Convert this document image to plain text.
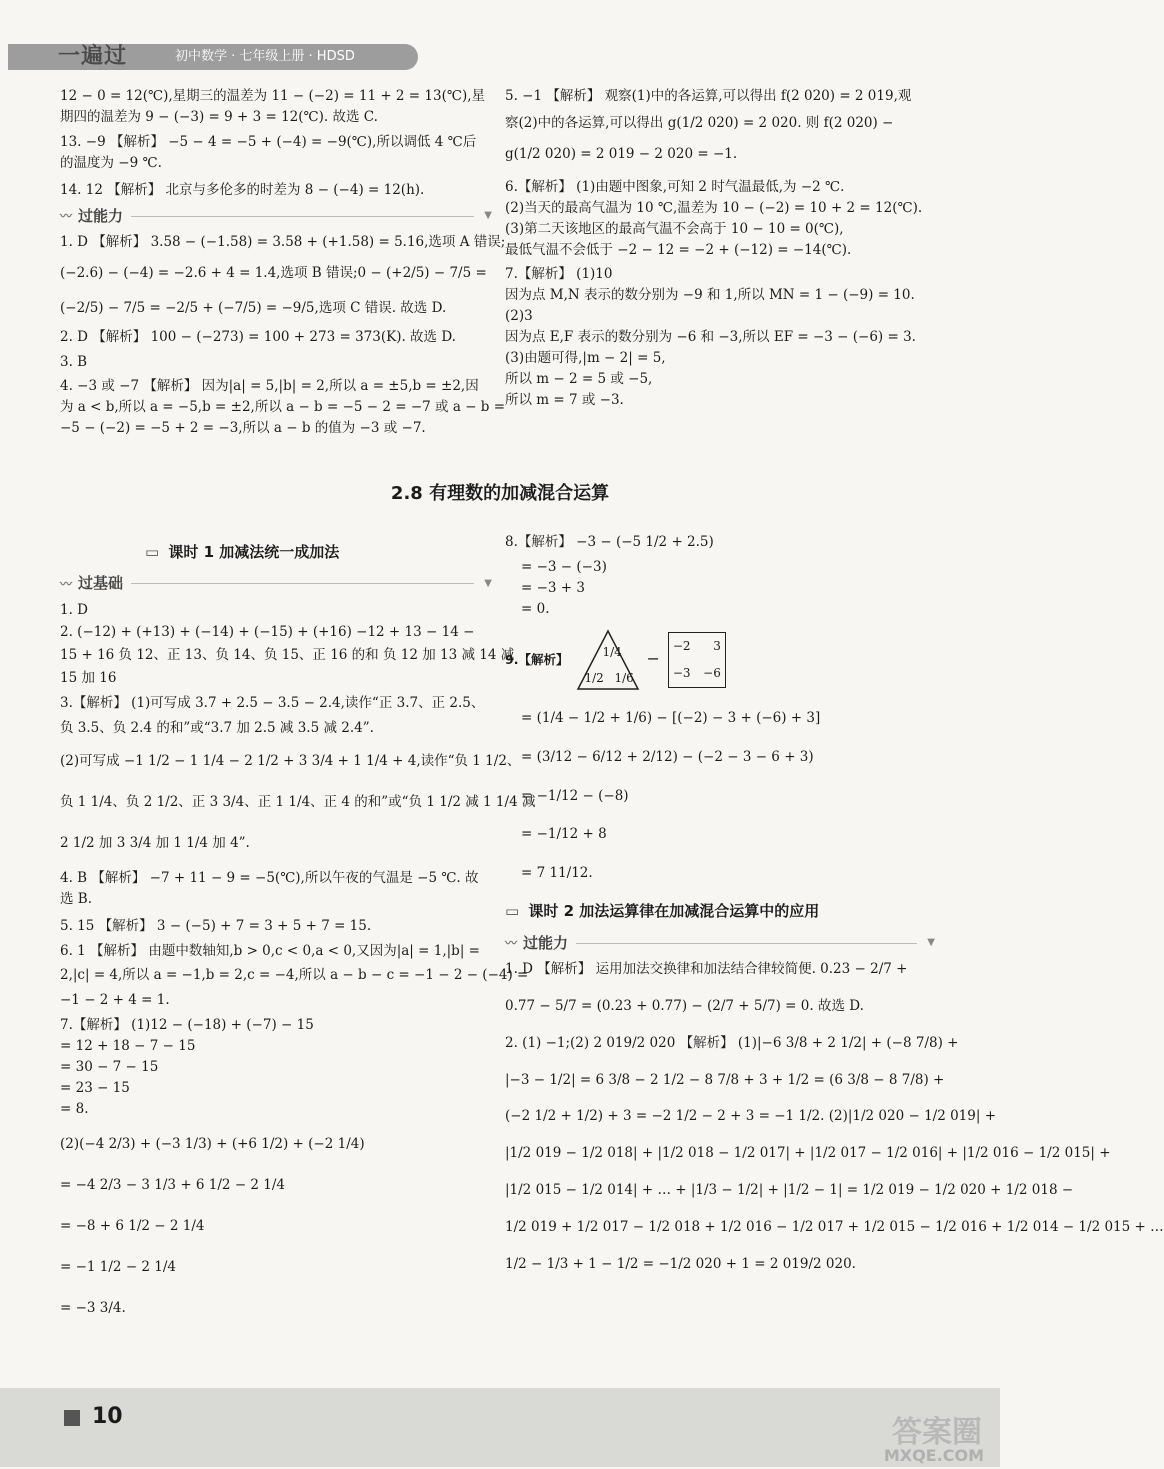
一遍过	初中数学 · 七年级上册 · HDSD
12 − 0 = 12(℃),星期三的温差为 11 − (−2) = 11 + 2 = 13(℃),星
期四的温差为 9 − (−3) = 9 + 3 = 12(℃). 故选 C.
13. −9 【解析】 −5 − 4 = −5 + (−4) = −9(℃),所以调低 4 ℃后
的温度为 −9 ℃.
14. 12 【解析】 北京与多伦多的时差为 8 − (−4) = 12(h).
〰 过能力	▼
1. D 【解析】 3.58 − (−1.58) = 3.58 + (+1.58) = 5.16,选项 A 错误;
(−2.6) − (−4) = −2.6 + 4 = 1.4,选项 B 错误;0 − (+2/5) − 7/5 =
(−2/5) − 7/5 = −2/5 + (−7/5) = −9/5,选项 C 错误. 故选 D.
2. D 【解析】 100 − (−273) = 100 + 273 = 373(K). 故选 D.
3. B
4. −3 或 −7 【解析】 因为|a| = 5,|b| = 2,所以 a = ±5,b = ±2,因
为 a < b,所以 a = −5,b = ±2,所以 a − b = −5 − 2 = −7 或 a − b =
−5 − (−2) = −5 + 2 = −3,所以 a − b 的值为 −3 或 −7.
5. −1 【解析】 观察(1)中的各运算,可以得出 f(2 020) = 2 019,观
察(2)中的各运算,可以得出 g(1/2 020) = 2 020. 则 f(2 020) −
g(1/2 020) = 2 019 − 2 020 = −1.
6.【解析】 (1)由题中图象,可知 2 时气温最低,为 −2 ℃.
(2)当天的最高气温为 10 ℃,温差为 10 − (−2) = 10 + 2 = 12(℃).
(3)第二天该地区的最高气温不会高于 10 − 10 = 0(℃),
最低气温不会低于 −2 − 12 = −2 + (−12) = −14(℃).
7.【解析】 (1)10
因为点 M,N 表示的数分别为 −9 和 1,所以 MN = 1 − (−9) = 10.
(2)3
因为点 E,F 表示的数分别为 −6 和 −3,所以 EF = −3 − (−6) = 3.
(3)由题可得,|m − 2| = 5,
所以 m − 2 = 5 或 −5,
所以 m = 7 或 −3.
2.8 有理数的加减混合运算
▭ 课时 1 加减法统一成加法
〰 过基础	▼
1. D
2. (−12) + (+13) + (−14) + (−15) + (+16) −12 + 13 − 14 −
15 + 16 负 12、正 13、负 14、负 15、正 16 的和 负 12 加 13 减 14 减
15 加 16
3.【解析】 (1)可写成 3.7 + 2.5 − 3.5 − 2.4,读作“正 3.7、正 2.5、
负 3.5、负 2.4 的和”或“3.7 加 2.5 减 3.5 减 2.4”.
(2)可写成 −1 1/2 − 1 1/4 − 2 1/2 + 3 3/4 + 1 1/4 + 4,读作“负 1 1/2、
负 1 1/4、负 2 1/2、正 3 3/4、正 1 1/4、正 4 的和”或“负 1 1/2 减 1 1/4 减
2 1/2 加 3 3/4 加 1 1/4 加 4”.
4. B 【解析】 −7 + 11 − 9 = −5(℃),所以午夜的气温是 −5 ℃. 故
选 B.
5. 15 【解析】 3 − (−5) + 7 = 3 + 5 + 7 = 15.
6. 1 【解析】 由题中数轴知,b > 0,c < 0,a < 0,又因为|a| = 1,|b| =
2,|c| = 4,所以 a = −1,b = 2,c = −4,所以 a − b − c = −1 − 2 − (−4) =
−1 − 2 + 4 = 1.
7.【解析】 (1)12 − (−18) + (−7) − 15
= 12 + 18 − 7 − 15
= 30 − 7 − 15
= 23 − 15
= 8.
(2)(−4 2/3) + (−3 1/3) + (+6 1/2) + (−2 1/4)
= −4 2/3 − 3 1/3 + 6 1/2 − 2 1/4
= −8 + 6 1/2 − 2 1/4
= −1 1/2 − 2 1/4
= −3 3/4.
8.【解析】 −3 − (−5 1/2 + 2.5)
= −3 − (−3)
= −3 + 3
= 0.
9.【解析】
1/4
1/2 1/6
−
−2 3
−3 −6
= (1/4 − 1/2 + 1/6) − [(−2) − 3 + (−6) + 3]
= (3/12 − 6/12 + 2/12) − (−2 − 3 − 6 + 3)
= −1/12 − (−8)
= −1/12 + 8
= 7 11/12.
▭ 课时 2 加法运算律在加减混合运算中的应用
〰 过能力	▼
1. D 【解析】 运用加法交换律和加法结合律较简便. 0.23 − 2/7 +
0.77 − 5/7 = (0.23 + 0.77) − (2/7 + 5/7) = 0. 故选 D.
2. (1) −1;(2) 2 019/2 020 【解析】 (1)|−6 3/8 + 2 1/2| + (−8 7/8) +
|−3 − 1/2| = 6 3/8 − 2 1/2 − 8 7/8 + 3 + 1/2 = (6 3/8 − 8 7/8) +
(−2 1/2 + 1/2) + 3 = −2 1/2 − 2 + 3 = −1 1/2. (2)|1/2 020 − 1/2 019| +
|1/2 019 − 1/2 018| + |1/2 018 − 1/2 017| + |1/2 017 − 1/2 016| + |1/2 016 − 1/2 015| +
|1/2 015 − 1/2 014| + … + |1/3 − 1/2| + |1/2 − 1| = 1/2 019 − 1/2 020 + 1/2 018 −
1/2 019 + 1/2 017 − 1/2 018 + 1/2 016 − 1/2 017 + 1/2 015 − 1/2 016 + 1/2 014 − 1/2 015 + …
1/2 − 1/3 + 1 − 1/2 = −1/2 020 + 1 = 2 019/2 020.
10	答案圈
MXQE.COM
